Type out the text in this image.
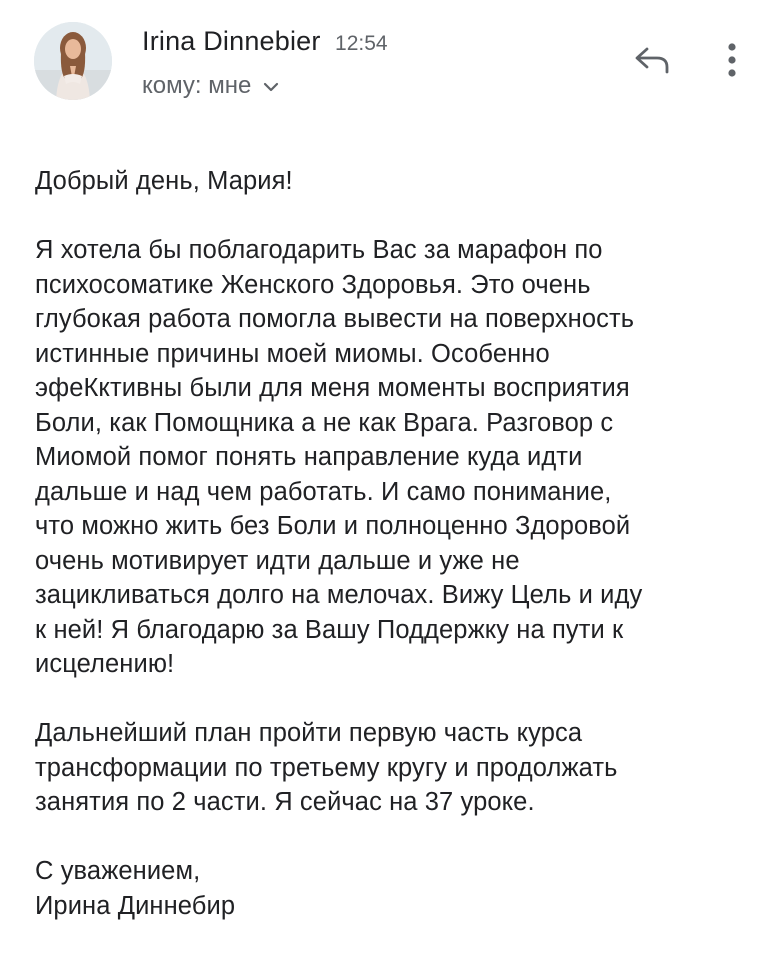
Irina Dinnebier 12:54
кому: мне

Добрый день, Мария!

Я хотела бы поблагодарить Вас за марафон по
психосоматике Женского Здоровья. Это очень
глубокая работа помогла вывести на поверхность
истинные причины моей миомы. Особенно
эфеКктивны были для меня моменты восприятия
Боли, как Помощника а не как Врага. Разговор с
Миомой помог понять направление куда идти
дальше и над чем работать. И само понимание,
что можно жить без Боли и полноценно Здоровой
очень мотивирует идти дальше и уже не
зацикливаться долго на мелочах. Вижу Цель и иду
к ней! Я благодарю за Вашу Поддержку на пути к
исцелению!

Дальнейший план пройти первую часть курса
трансформации по третьему кругу и продолжать
занятия по 2 части. Я сейчас на 37 уроке.

С уважением,
Ирина Диннебир
